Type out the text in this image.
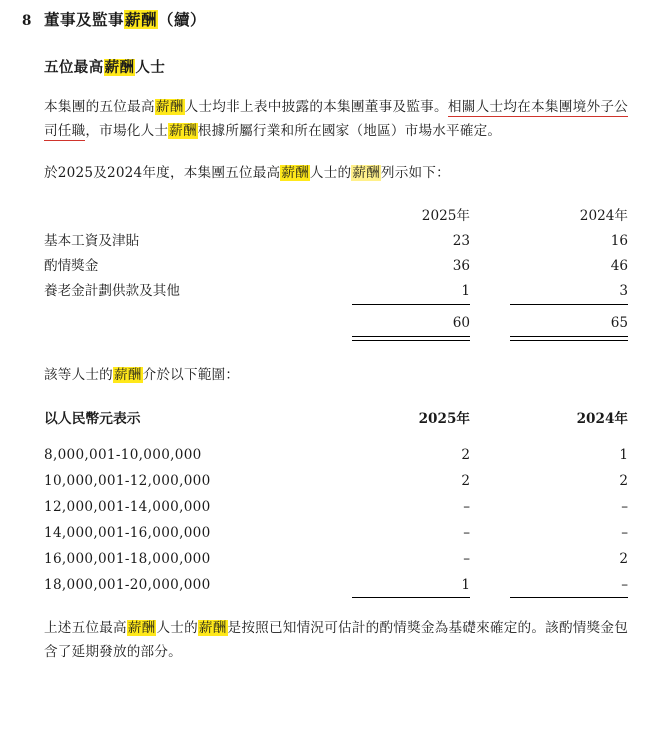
8 董事及監事薪酬（續）
五位最高薪酬人士

本集團的五位最高薪酬人士均非上表中披露的本集團董事及監事。相關人士均在本集團境外子公司任職，市場化人士薪酬根據所屬行業和所在國家（地區）市場水平確定。

於2025及2024年度，本集團五位最高薪酬人士的薪酬列示如下：

		2025年		2024年
基本工資及津貼		23		16
酌情獎金		36		46
養老金計劃供款及其他		1		3

		60		65

該等人士的薪酬介於以下範圍：

以人民幣元表示		2025年		2024年
8,000,001-10,000,000		2		1
10,000,001-12,000,000		2		2
12,000,001-14,000,000		–		–
14,000,001-16,000,000		–		–
16,000,001-18,000,000		–		2
18,000,001-20,000,000		1		–

上述五位最高薪酬人士的薪酬是按照已知情況可估計的酌情獎金為基礎來確定的。該酌情獎金包含了延期發放的部分。
